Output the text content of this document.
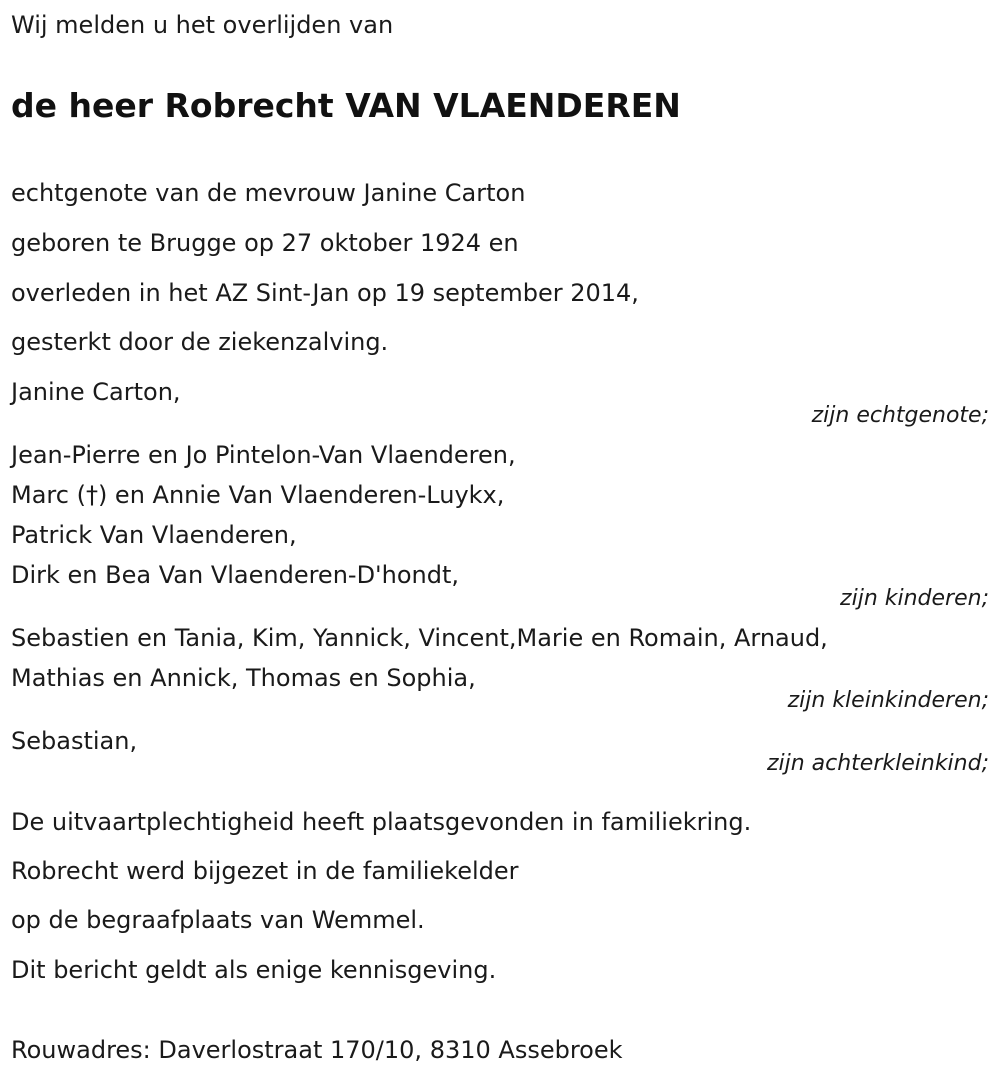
Wij melden u het overlijden van
de heer Robrecht VAN VLAENDEREN
echtgenote van de mevrouw Janine Carton
geboren te Brugge op 27 oktober 1924 en
overleden in het AZ Sint-Jan op 19 september 2014,
gesterkt door de ziekenzalving.
Janine Carton,
zijn echtgenote;
Jean-Pierre en Jo Pintelon-Van Vlaenderen,
Marc (†) en Annie Van Vlaenderen-Luykx,
Patrick Van Vlaenderen,
Dirk en Bea Van Vlaenderen-D'hondt,
zijn kinderen;
Sebastien en Tania, Kim, Yannick, Vincent,Marie en Romain, Arnaud,
Mathias en Annick, Thomas en Sophia,
zijn kleinkinderen;
Sebastian,
zijn achterkleinkind;
De uitvaartplechtigheid heeft plaatsgevonden in familiekring.
Robrecht werd bijgezet in de familiekelder
op de begraafplaats van Wemmel.
Dit bericht geldt als enige kennisgeving.
Rouwadres: Daverlostraat 170/10, 8310 Assebroek
